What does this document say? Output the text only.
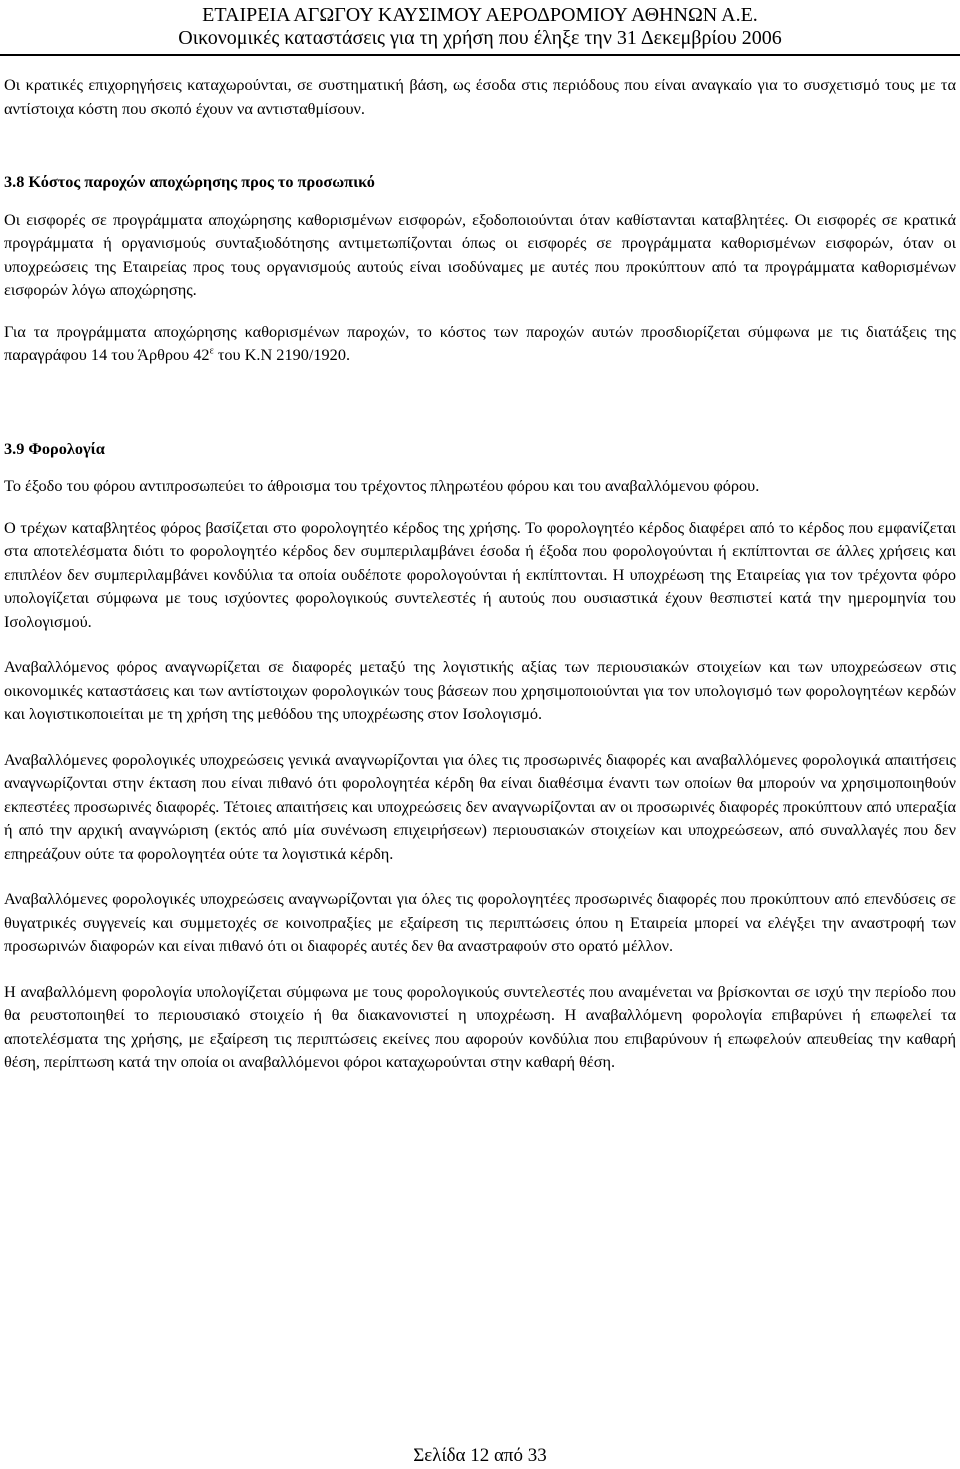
ΕΤΑΙΡΕΙΑ ΑΓΩΓΟΥ ΚΑΥΣΙΜΟΥ ΑΕΡΟΔΡΟΜΙΟΥ ΑΘΗΝΩΝ Α.Ε.
Οικονομικές καταστάσεις για τη χρήση που έληξε την 31 Δεκεμβρίου 2006

Οι κρατικές επιχορηγήσεις καταχωρούνται, σε συστηματική βάση, ως έσοδα στις περιόδους που είναι αναγκαίο για το συσχετισμό τους με τα αντίστοιχα κόστη που σκοπό έχουν να αντισταθμίσουν.

3.8 Κόστος παροχών αποχώρησης προς το προσωπικό

Οι εισφορές σε προγράμματα αποχώρησης καθορισμένων εισφορών, εξοδοποιούνται όταν καθίστανται καταβλητέες. Οι εισφορές σε κρατικά προγράμματα ή οργανισμούς συνταξιοδότησης αντιμετωπίζονται όπως οι εισφορές σε προγράμματα καθορισμένων εισφορών, όταν οι υποχρεώσεις της Εταιρείας προς τους οργανισμούς αυτούς είναι ισοδύναμες με αυτές που προκύπτουν από τα προγράμματα καθορισμένων εισφορών λόγω αποχώρησης.

Για τα προγράμματα αποχώρησης καθορισμένων παροχών, το κόστος των παροχών αυτών προσδιορίζεται σύμφωνα με τις διατάξεις της παραγράφου 14 του Άρθρου $42^\varepsilon$ του Κ.Ν 2190/1920.

3.9 Φορολογία

Το έξοδο του φόρου αντιπροσωπεύει το άθροισμα του τρέχοντος πληρωτέου φόρου και του αναβαλλόμενου φόρου.

Ο τρέχων καταβλητέος φόρος βασίζεται στο φορολογητέο κέρδος της χρήσης. Το φορολογητέο κέρδος διαφέρει από το κέρδος που εμφανίζεται στα αποτελέσματα διότι το φορολογητέο κέρδος δεν συμπεριλαμβάνει έσοδα ή έξοδα που φορολογούνται ή εκπίπτονται σε άλλες χρήσεις και επιπλέον δεν συμπεριλαμβάνει κονδύλια τα οποία ουδέποτε φορολογούνται ή εκπίπτονται. Η υποχρέωση της Εταιρείας για τον τρέχοντα φόρο υπολογίζεται σύμφωνα με τους ισχύοντες φορολογικούς συντελεστές ή αυτούς που ουσιαστικά έχουν θεσπιστεί κατά την ημερομηνία του Ισολογισμού.

Αναβαλλόμενος φόρος αναγνωρίζεται σε διαφορές μεταξύ της λογιστικής αξίας των περιουσιακών στοιχείων και των υποχρεώσεων στις οικονομικές καταστάσεις και των αντίστοιχων φορολογικών τους βάσεων που χρησιμοποιούνται για τον υπολογισμό των φορολογητέων κερδών και λογιστικοποιείται με τη χρήση της μεθόδου της υποχρέωσης στον Ισολογισμό.

Αναβαλλόμενες φορολογικές υποχρεώσεις γενικά αναγνωρίζονται για όλες τις προσωρινές διαφορές και αναβαλλόμενες φορολογικά απαιτήσεις αναγνωρίζονται στην έκταση που είναι πιθανό ότι φορολογητέα κέρδη θα είναι διαθέσιμα έναντι των οποίων θα μπορούν να χρησιμοποιηθούν εκπεστέες προσωρινές διαφορές. Τέτοιες απαιτήσεις και υποχρεώσεις δεν αναγνωρίζονται αν οι προσωρινές διαφορές προκύπτουν από υπεραξία ή από την αρχική αναγνώριση (εκτός από μία συνένωση επιχειρήσεων) περιουσιακών στοιχείων και υποχρεώσεων, από συναλλαγές που δεν επηρεάζουν ούτε τα φορολογητέα ούτε τα λογιστικά κέρδη.

Αναβαλλόμενες φορολογικές υποχρεώσεις αναγνωρίζονται για όλες τις φορολογητέες προσωρινές διαφορές που προκύπτουν από επενδύσεις σε θυγατρικές συγγενείς και συμμετοχές σε κοινοπραξίες με εξαίρεση τις περιπτώσεις όπου η Εταιρεία μπορεί να ελέγξει την αναστροφή των προσωρινών διαφορών και είναι πιθανό ότι οι διαφορές αυτές δεν θα αναστραφούν στο ορατό μέλλον.

Η αναβαλλόμενη φορολογία υπολογίζεται σύμφωνα με τους φορολογικούς συντελεστές που αναμένεται να βρίσκονται σε ισχύ την περίοδο που θα ρευστοποιηθεί το περιουσιακό στοιχείο ή θα διακανονιστεί η υποχρέωση. Η αναβαλλόμενη φορολογία επιβαρύνει ή επωφελεί τα αποτελέσματα της χρήσης, με εξαίρεση τις περιπτώσεις εκείνες που αφορούν κονδύλια που επιβαρύνουν ή επωφελούν απευθείας την καθαρή θέση, περίπτωση κατά την οποία οι αναβαλλόμενοι φόροι καταχωρούνται στην καθαρή θέση.

Σελίδα 12 από 33
